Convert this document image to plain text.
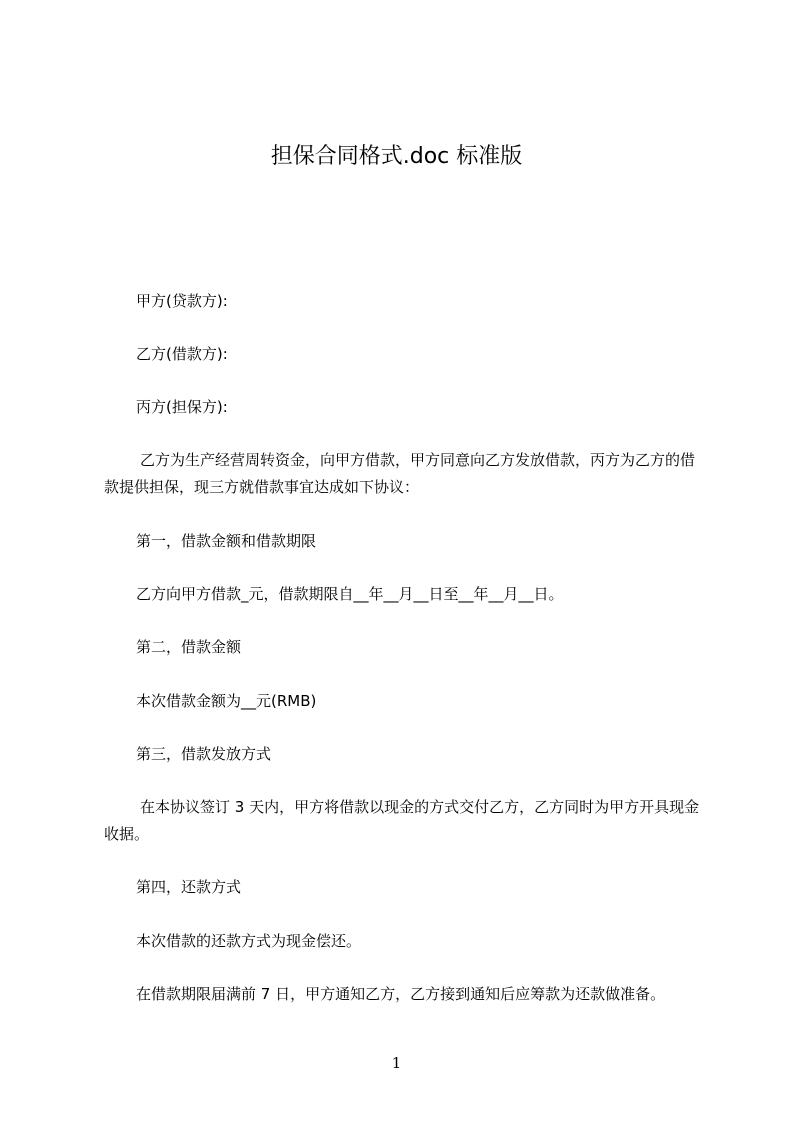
担保合同格式.doc 标准版
甲方(贷款方):
乙方(借款方):
丙方(担保方):
乙方为生产经营周转资金，向甲方借款，甲方同意向乙方发放借款，丙方为乙方的借款提供担保，现三方就借款事宜达成如下协议：
第一，借款金额和借款期限
乙方向甲方借款_元，借款期限自__年__月__日至__年__月__日。
第二，借款金额
本次借款金额为__元(RMB)
第三，借款发放方式
在本协议签订 3 天内，甲方将借款以现金的方式交付乙方，乙方同时为甲方开具现金收据。
第四，还款方式
本次借款的还款方式为现金偿还。
在借款期限届满前 7 日，甲方通知乙方，乙方接到通知后应筹款为还款做准备。
1
